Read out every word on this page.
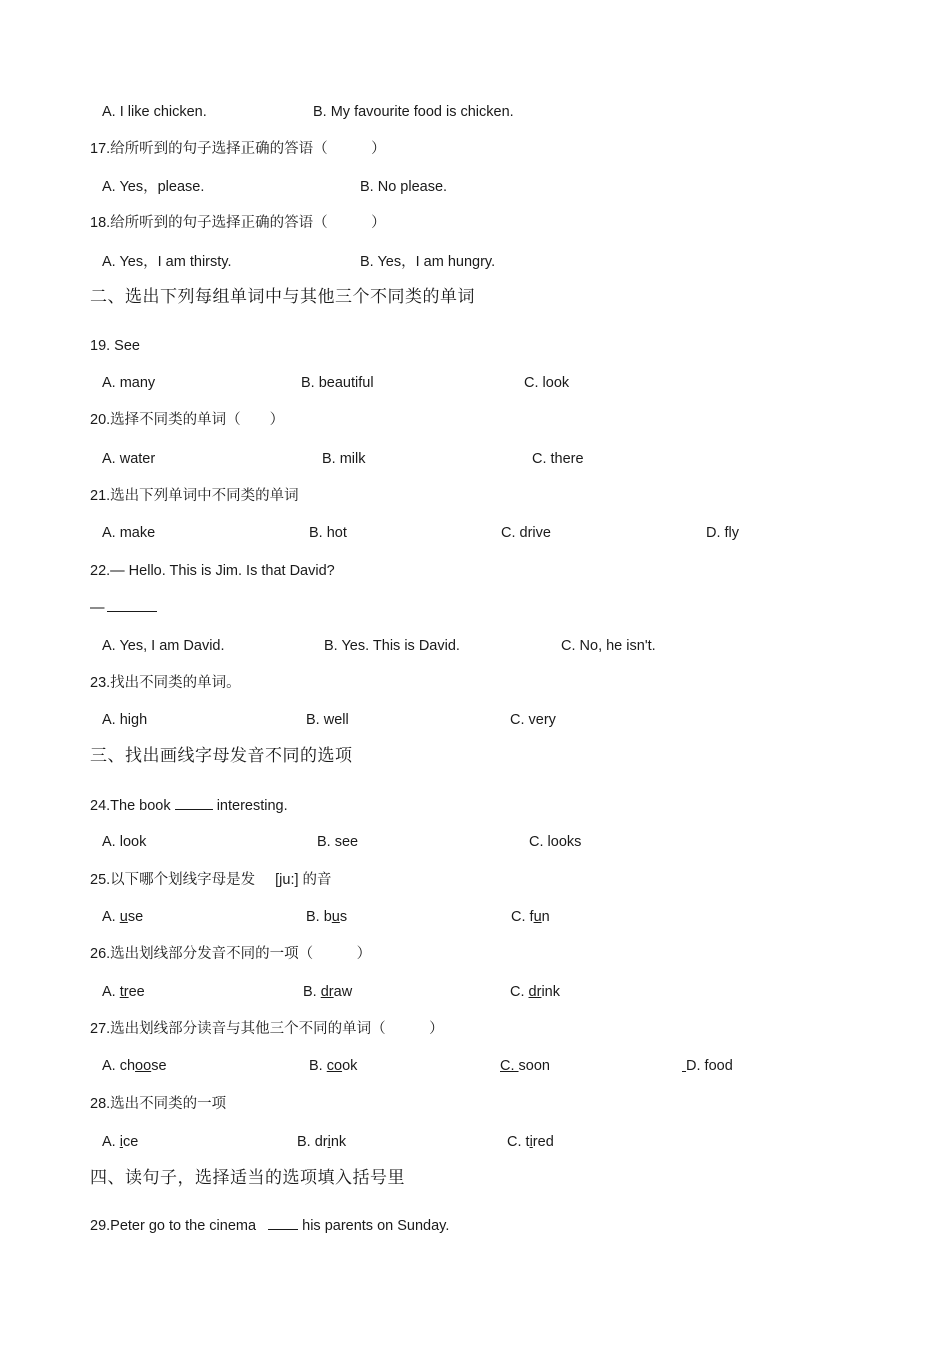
A. I like chicken.	B. My favourite food is chicken.
17.给所听到的句子选择正确的答语（　　　）
A. Yes，please.	B. No please.
18.给所听到的句子选择正确的答语（　　　）
A. Yes，I am thirsty.	B. Yes，I am hungry.
二、选出下列每组单词中与其他三个不同类的单词
19. See
A. many	B. beautiful	C. look
20.选择不同类的单词（　　）
A. water	B. milk	C. there
21.选出下列单词中不同类的单词
A. make	B. hot	C. drive	D. fly
22.— Hello. This is Jim. Is that David?
—
A. Yes, I am David.	B. Yes. This is David.	C. No, he isn't.
23.找出不同类的单词。
A. high	B. well	C. very
三、找出画线字母发音不同的选项
24.The book	interesting.
A. look	B. see	C. looks
25.以下哪个划线字母是发 [ju:] 的音
A. use	B. bus	C. fun
26.选出划线部分发音不同的一项（　　　）
A. tree	B. draw	C. drink
27.选出划线部分读音与其他三个不同的单词（　　　）
A. choose	B. cook	C. soon	D. food
28.选出不同类的一项
A. ice	B. drink	C. tired
四、读句子，选择适当的选项填入括号里
29.Peter go to the cinema	his parents on Sunday.
